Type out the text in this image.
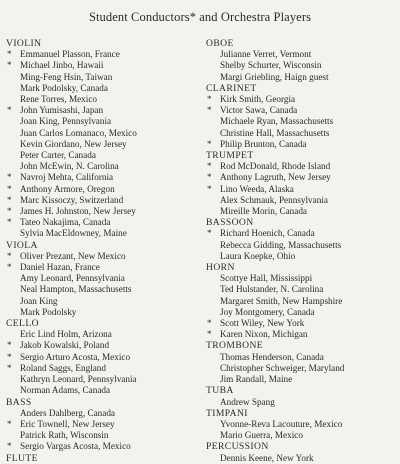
Student Conductors* and Orchestra Players
VIOLIN
* Emmanuel Plasson, France
* Michael Jinbo, Hawaii
Ming-Feng Hsin, Taiwan
Mark Podolsky, Canada
Rene Torres, Mexico
* John Yumisashi, Japan
Joan King, Pennsylvania
Juan Carlos Lomanaco, Mexico
Kevin Giordano, New Jersey
Peter Carter, Canada
John McEwin, N. Carolina
* Navroj Mehta, California
* Anthony Armore, Oregon
* Marc Kissoczy, Switzerland
* James H. Johnston, New Jersey
* Tateo Nakajima, Canada
Sylvia MacEldowney, Maine
VIOLA
* Oliver Prezant, New Mexico
* Daniel Hazan, France
Amy Leonard, Pennsylvania
Neal Hampton, Massachusetts
Joan King
Mark Podolsky
CELLO
Eric Lind Holm, Arizona
* Jakob Kowalski, Poland
* Sergio Arturo Acosta, Mexico
* Roland Saggs, England
Kathryn Leonard, Pennsylvania
Norman Adams, Canada
BASS
Anders Dahlberg, Canada
* Eric Townell, New Jersey
Patrick Rath, Wisconsin
* Sergio Vargas Acosta, Mexico
FLUTE
OBOE
Julianne Verret, Vermont
Shelby Schurter, Wisconsin
Margi Griebling, Haign guest
CLARINET
* Kirk Smith, Georgia
* Victor Sawa, Canada
Michaele Ryan, Massachusetts
Christine Hall, Massachusetts
* Philip Brunton, Canada
TRUMPET
* Rod McDonald, Rhode Island
* Anthony Lagruth, New Jersey
* Lino Weeda, Alaska
Alex Schmauk, Pennsylvania
Mireille Morin, Canada
BASSOON
* Richard Hoenich, Canada
Rebecca Gidding, Massachusetts
Laura Koepke, Ohio
HORN
Scottye Hall, Mississippi
Ted Hulstander, N. Carolina
Margaret Smith, New Hampshire
Joy Montgomery, Canada
* Scott Wiley, New York
* Karen Nixon, Michigan
TROMBONE
Thomas Henderson, Canada
Christopher Schweiger, Maryland
Jim Randall, Maine
TUBA
Andrew Spang
TIMPANI
Yvonne-Reva Lacouture, Mexico
Mario Guerra, Mexico
PERCUSSION
Dennis Keene, New York
